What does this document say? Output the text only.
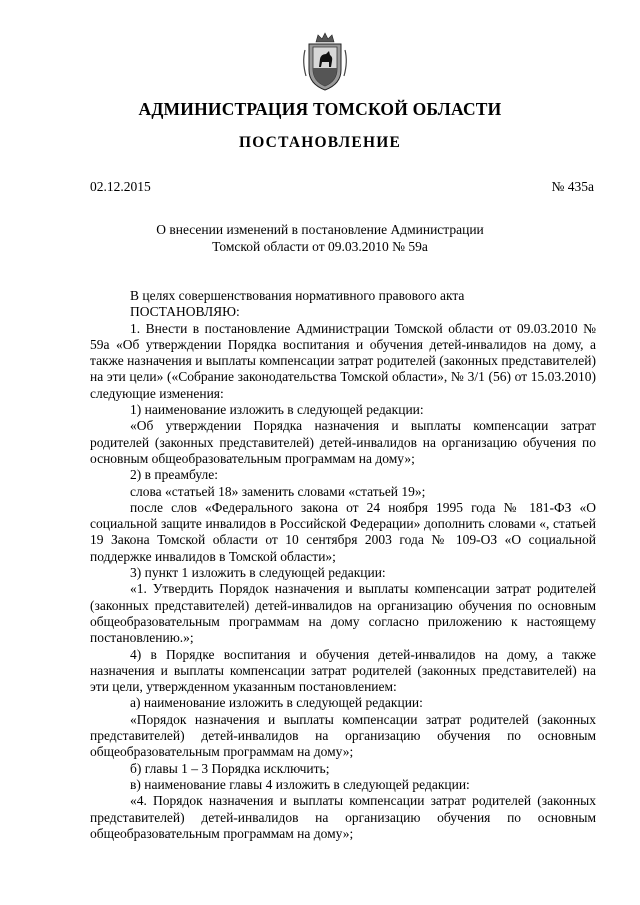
АДМИНИСТРАЦИЯ ТОМСКОЙ ОБЛАСТИ
ПОСТАНОВЛЕНИЕ
02.12.2015	№ 435а
О внесении изменений в постановление Администрации
Томской области от 09.03.2010 № 59а

В целях совершенствования нормативного правового акта

ПОСТАНОВЛЯЮ:

1. Внести в постановление Администрации Томской области от 09.03.2010 № 59а «Об утверждении Порядка воспитания и обучения детей-инвалидов на дому, а также назначения и выплаты компенсации затрат родителей (законных представителей) на эти цели» («Собрание законодательства Томской области», № 3/1 (56) от 15.03.2010) следующие изменения:

1) наименование изложить в следующей редакции:

«Об утверждении Порядка назначения и выплаты компенсации затрат родителей (законных представителей) детей-инвалидов на организацию обучения по основным общеобразовательным программам на дому»;

2) в преамбуле:

слова «статьей 18» заменить словами «статьей 19»;

после слов «Федерального закона от 24 ноября 1995 года № 181-ФЗ «О социальной защите инвалидов в Российской Федерации» дополнить словами «, статьей 19 Закона Томской области от 10 сентября 2003 года № 109-ОЗ «О социальной поддержке инвалидов в Томской области»;

3) пункт 1 изложить в следующей редакции:

«1. Утвердить Порядок назначения и выплаты компенсации затрат родителей (законных представителей) детей-инвалидов на организацию обучения по основным общеобразовательным программам на дому согласно приложению к настоящему постановлению.»;

4) в Порядке воспитания и обучения детей-инвалидов на дому, а также назначения и выплаты компенсации затрат родителей (законных представителей) на эти цели, утвержденном указанным постановлением:

а) наименование изложить в следующей редакции:

«Порядок назначения и выплаты компенсации затрат родителей (законных представителей) детей-инвалидов на организацию обучения по основным общеобразовательным программам на дому»;

б) главы 1 – 3 Порядка исключить;

в) наименование главы 4 изложить в следующей редакции:

«4. Порядок назначения и выплаты компенсации затрат родителей (законных представителей) детей-инвалидов на организацию обучения по основным общеобразовательным программам на дому»;
